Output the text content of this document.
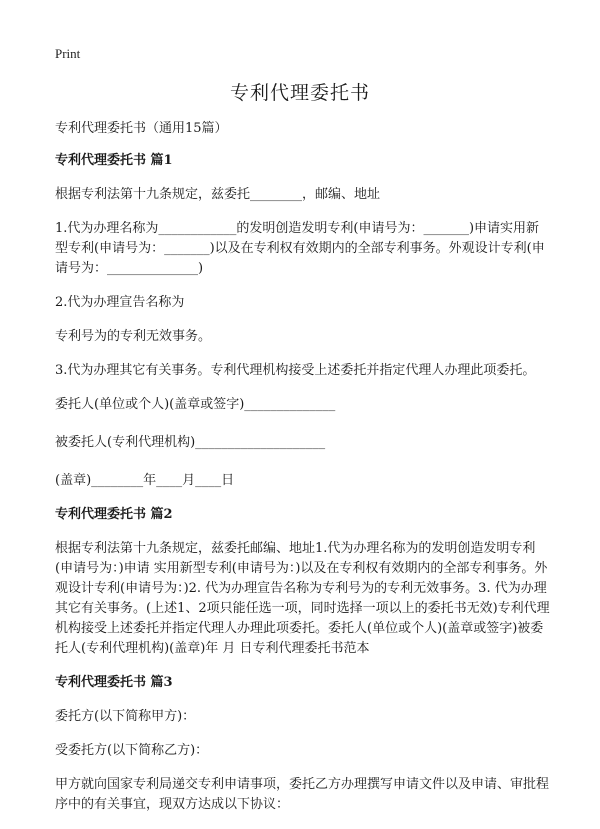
Print
专利代理委托书

专利代理委托书（通用15篇）

专利代理委托书 篇1

根据专利法第十九条规定，兹委托________，邮编、地址

1.代为办理名称为____________的发明创造发明专利(申请号为：_______)申请实用新型专利(申请号为：_______)以及在专利权有效期内的全部专利事务。外观设计专利(申请号为：______________)

2.代为办理宣告名称为

专利号为的专利无效事务。

3.代为办理其它有关事务。专利代理机构接受上述委托并指定代理人办理此项委托。

委托人(单位或个人)(盖章或签字)______________

被委托人(专利代理机构)____________________

(盖章)________年____月____日

专利代理委托书 篇2

根据专利法第十九条规定，兹委托邮编、地址1.代为办理名称为的发明创造发明专利(申请号为：)申请 实用新型专利(申请号为：)以及在专利权有效期内的全部专利事务。外观设计专利(申请号为：)2. 代为办理宣告名称为专利号为的专利无效事务。3. 代为办理其它有关事务。(上述1、2项只能任选一项，同时选择一项以上的委托书无效)专利代理机构接受上述委托并指定代理人办理此项委托。委托人(单位或个人)(盖章或签字)被委托人(专利代理机构)(盖章)年 月 日专利代理委托书范本

专利代理委托书 篇3

委托方(以下简称甲方)：

受委托方(以下简称乙方)：

甲方就向国家专利局递交专利申请事项，委托乙方办理撰写申请文件以及申请、审批程序中的有关事宜，现双方达成以下协议：
